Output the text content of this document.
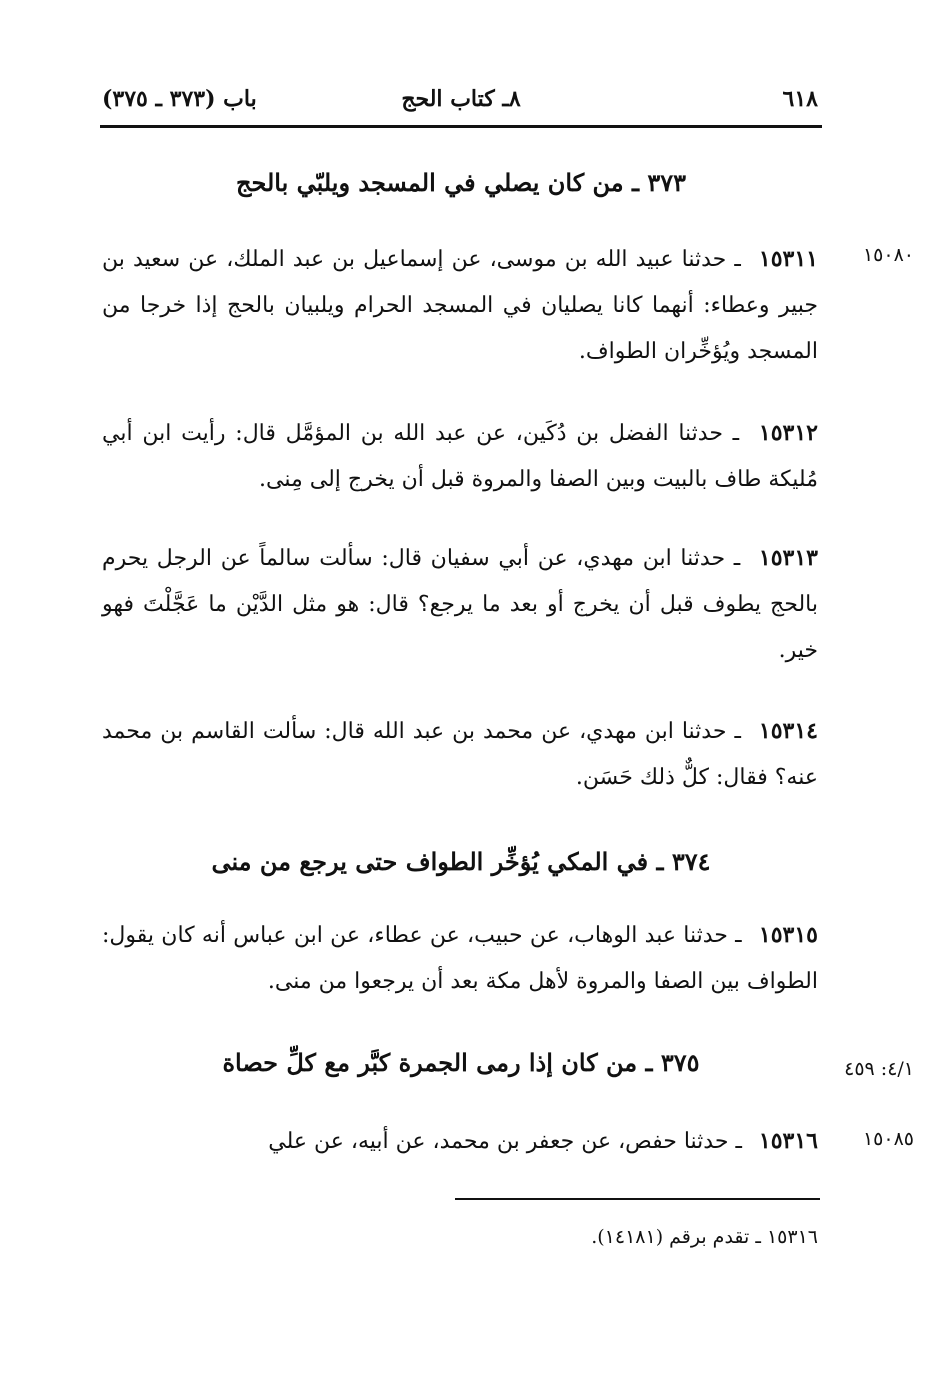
٦١٨
٨ـ كتاب الحج
باب (٣٧٣ ـ ٣٧٥)
٣٧٣ ـ من كان يصلي في المسجد ويلبّي بالحج
١٥٠٨٠
١٥٣١١ ـ حدثنا عبيد الله بن موسى، عن إسماعيل بن عبد الملك، عن سعيد بن جبير وعطاء: أنهما كانا يصليان في المسجد الحرام ويلبيان بالحج إذا خرجا من المسجد ويُؤخِّران الطواف.
١٥٣١٢ ـ حدثنا الفضل بن دُكَين، عن عبد الله بن المؤمَّل قال: رأيت ابن أبي مُليكة طاف بالبيت وبين الصفا والمروة قبل أن يخرج إلى مِنى.
١٥٣١٣ ـ حدثنا ابن مهدي، عن أبي سفيان قال: سألت سالماً عن الرجل يحرم بالحج يطوف قبل أن يخرج أو بعد ما يرجع؟ قال: هو مثل الدَّيْن ما عَجَّلْتَ فهو خير.
١٥٣١٤ ـ حدثنا ابن مهدي، عن محمد بن عبد الله قال: سألت القاسم بن محمد عنه؟ فقال: كلٌّ ذلك حَسَن.
٣٧٤ ـ في المكي يُؤخِّر الطواف حتى يرجع من منى
١٥٣١٥ ـ حدثنا عبد الوهاب، عن حبيب، عن عطاء، عن ابن عباس أنه كان يقول: الطواف بين الصفا والمروة لأهل مكة بعد أن يرجعوا من منى.
٤/١: ٤٥٩
٣٧٥ ـ من كان إذا رمى الجمرة كبَّر مع كلِّ حصاة
١٥٠٨٥
١٥٣١٦ ـ حدثنا حفص، عن جعفر بن محمد، عن أبيه، عن علي
١٥٣١٦ ـ تقدم برقم (١٤١٨١).
